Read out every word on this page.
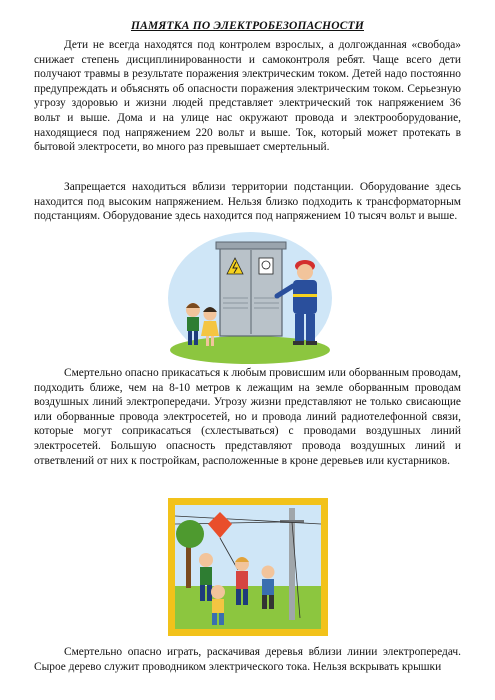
ПАМЯТКА ПО ЭЛЕКТРОБЕЗОПАСНОСТИ

Дети не всегда находятся под контролем взрослых, а долгожданная «свобода» снижает степень дисциплинированности и самоконтроля ребят. Чаще всего дети получают травмы в результате поражения электрическим током. Детей надо постоянно предупреждать и объяснять об опасности поражения электрическим током. Серьезную угрозу здоровью и жизни людей представляет электрический ток напряжением 36 вольт и выше. Дома и на улице нас окружают провода и электрооборудование, находящиеся под напряжением 220 вольт и выше. Ток, который может протекать в бытовой электросети, во много раз превышает смертельный.

Запрещается находиться вблизи территории подстанции. Оборудование здесь находится под высоким напряжением. Нельзя близко подходить к трансформаторным подстанциям. Оборудование здесь находится под напряжением 10 тысяч вольт и выше.

Смертельно опасно прикасаться к любым провисшим или оборванным проводам, подходить ближе, чем на 8-10 метров к лежащим на земле оборванным проводам воздушных линий электропередачи. Угрозу жизни представляют не только свисающие или оборванные провода электросетей, но и провода линий радиотелефонной связи, которые могут соприкасаться (схлестываться) с проводами воздушных линий электросетей. Большую опасность представляют провода воздушных линий и ответвлений от них к постройкам, расположенные в кроне деревьев или кустарников.

Смертельно опасно играть, раскачивая деревья вблизи линии электропередач. Сырое дерево служит проводником электрического тока. Нельзя вскрывать крышки
